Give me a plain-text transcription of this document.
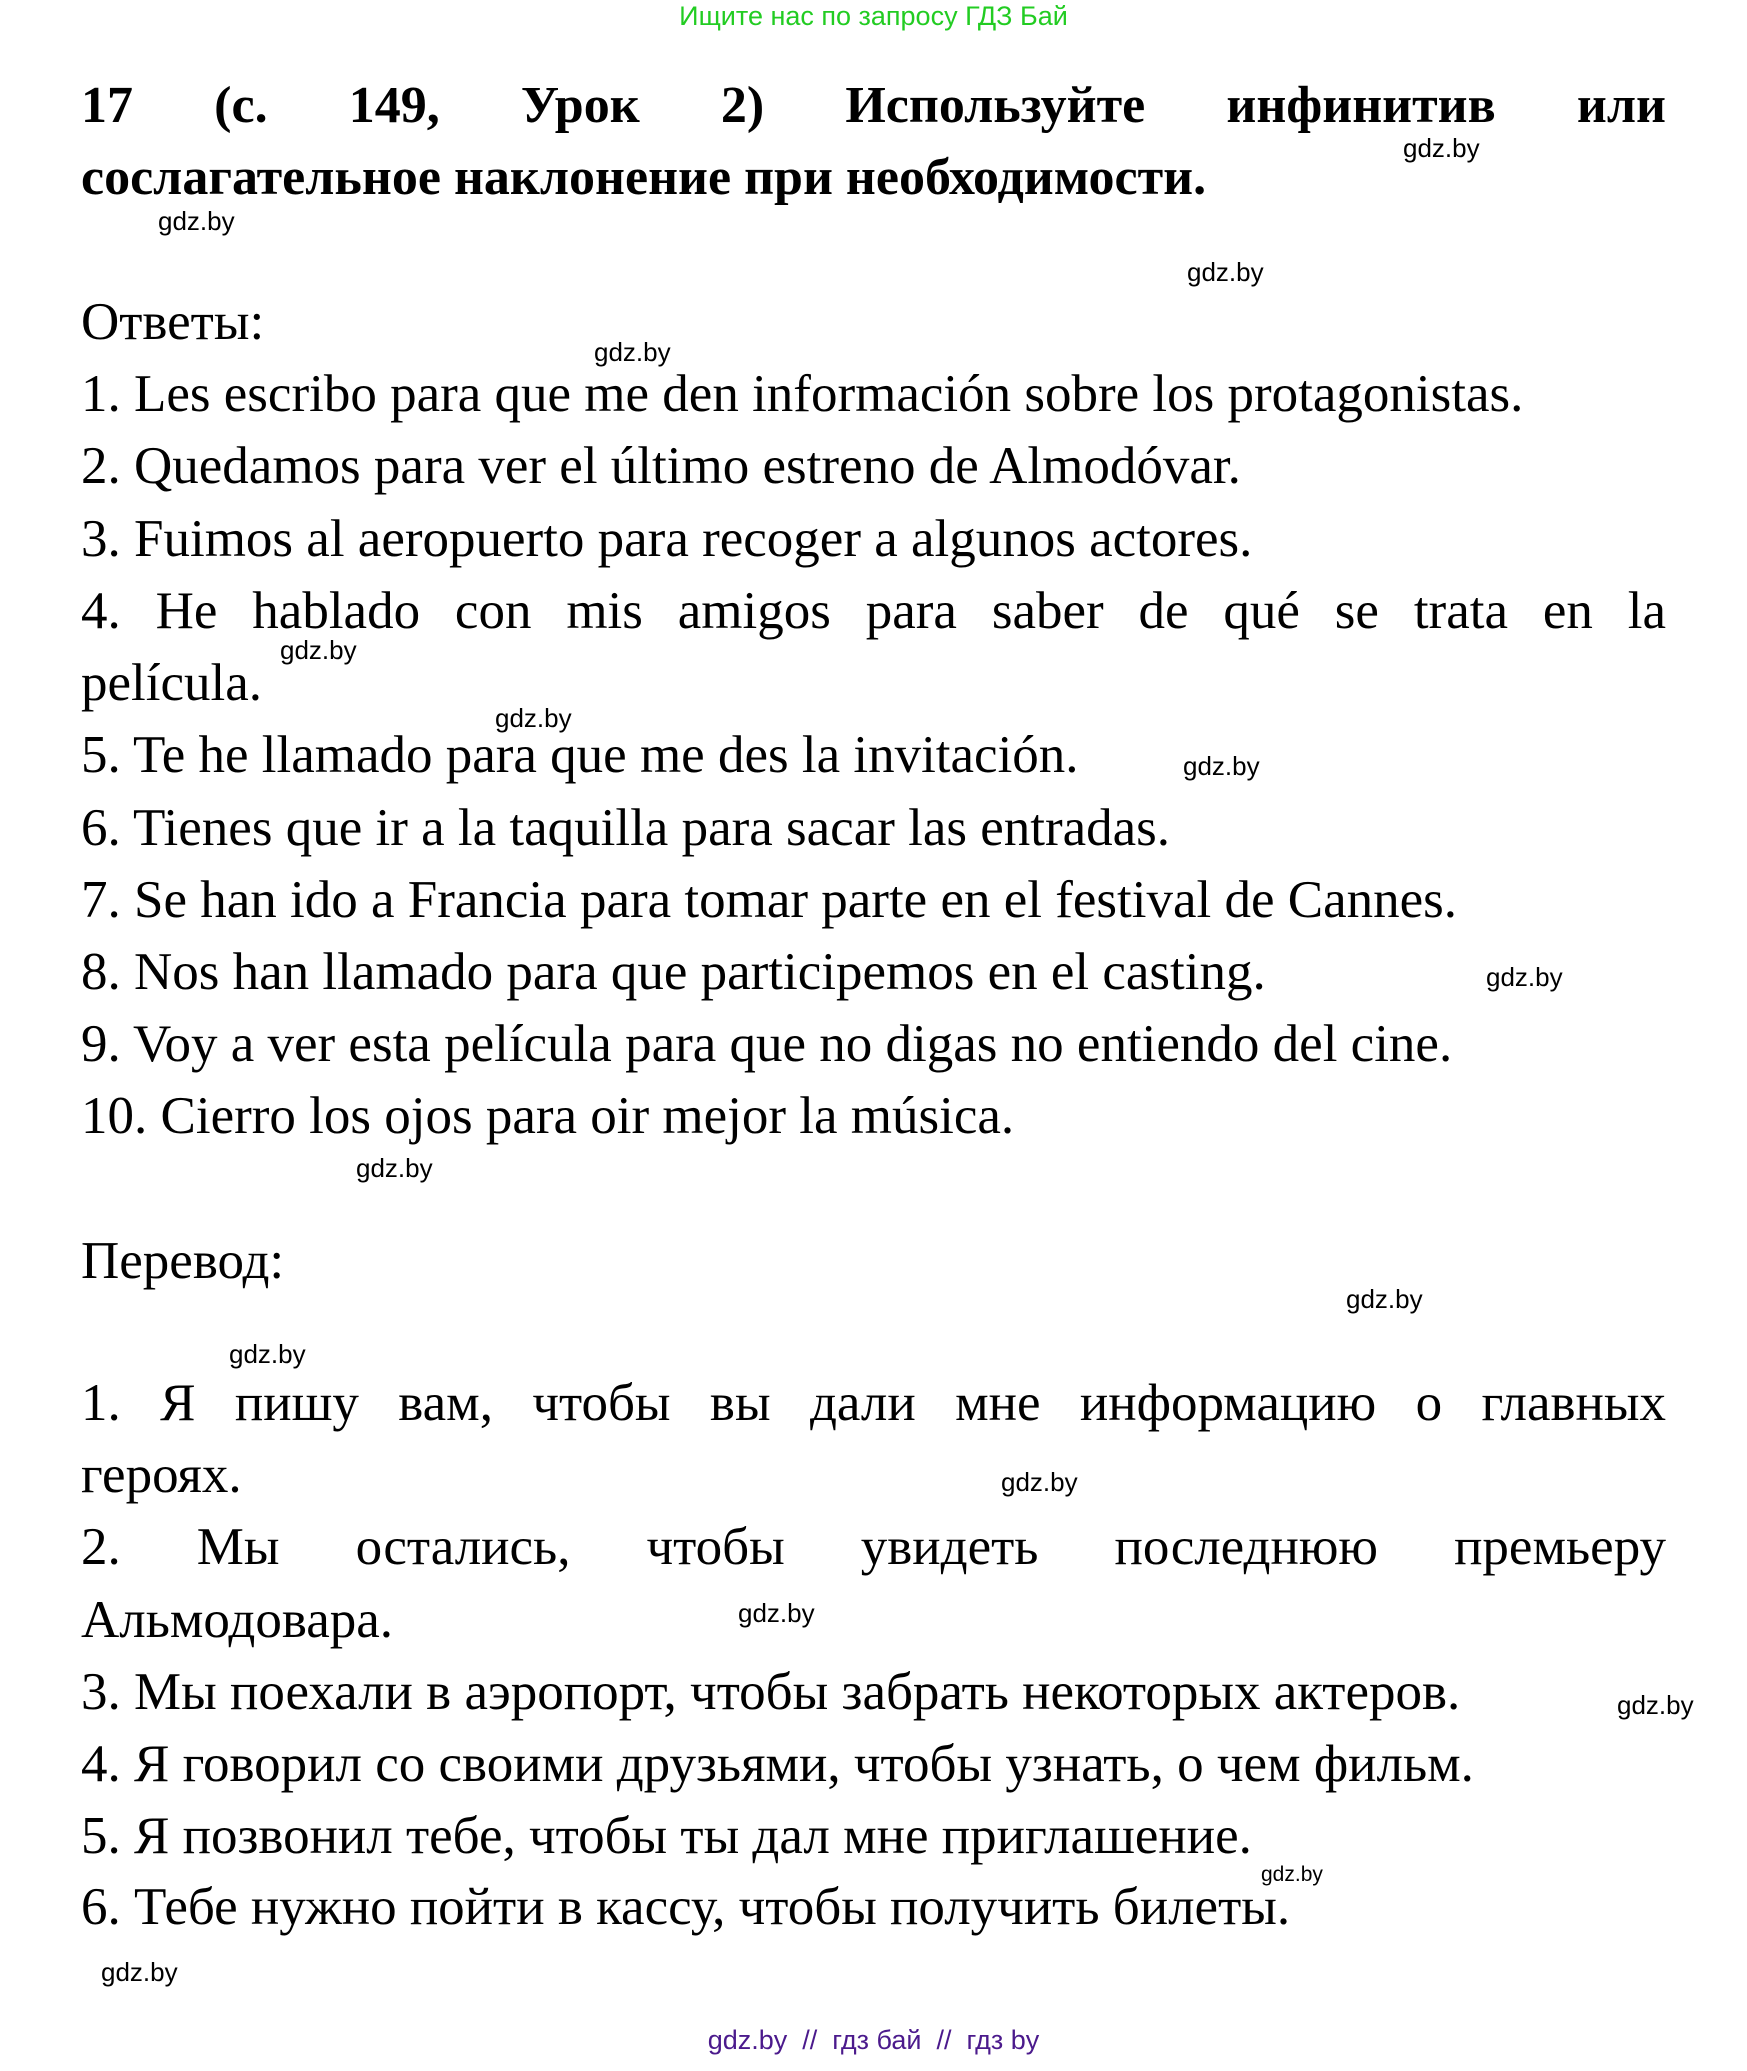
Ищите нас по запросу ГДЗ Бай
17 (с. 149, Урок 2) Используйте инфинитив или
сослагательное наклонение при необходимости.
Ответы:
1. Les escribo para que me den información sobre los protagonistas.
2. Quedamos para ver el último estreno de Almodóvar.
3. Fuimos al aeropuerto para recoger a algunos actores.
4. He hablado con mis amigos para saber de qué se trata en la
película.
5. Te he llamado para que me des la invitación.
6. Tienes que ir a la taquilla para sacar las entradas.
7. Se han ido a Francia para tomar parte en el festival de Cannes.
8. Nos han llamado para que participemos en el casting.
9. Voy a ver esta película para que no digas no entiendo del cine.
10. Cierro los ojos para oir mejor la música.
Перевод:
1. Я пишу вам, чтобы вы дали мне информацию о главных
героях.
2. Мы остались, чтобы увидеть последнюю премьеру
Альмодовара.
3. Мы поехали в аэропорт, чтобы забрать некоторых актеров.
4. Я говорил со своими друзьями, чтобы узнать, о чем фильм.
5. Я позвонил тебе, чтобы ты дал мне приглашение.
6. Тебе нужно пойти в кассу, чтобы получить билеты.
gdz.by
gdz.by
gdz.by
gdz.by
gdz.by
gdz.by
gdz.by
gdz.by
gdz.by
gdz.by
gdz.by
gdz.by
gdz.by
gdz.by
gdz.by
gdz.by
gdz.by  //  гдз бай  //  гдз by
